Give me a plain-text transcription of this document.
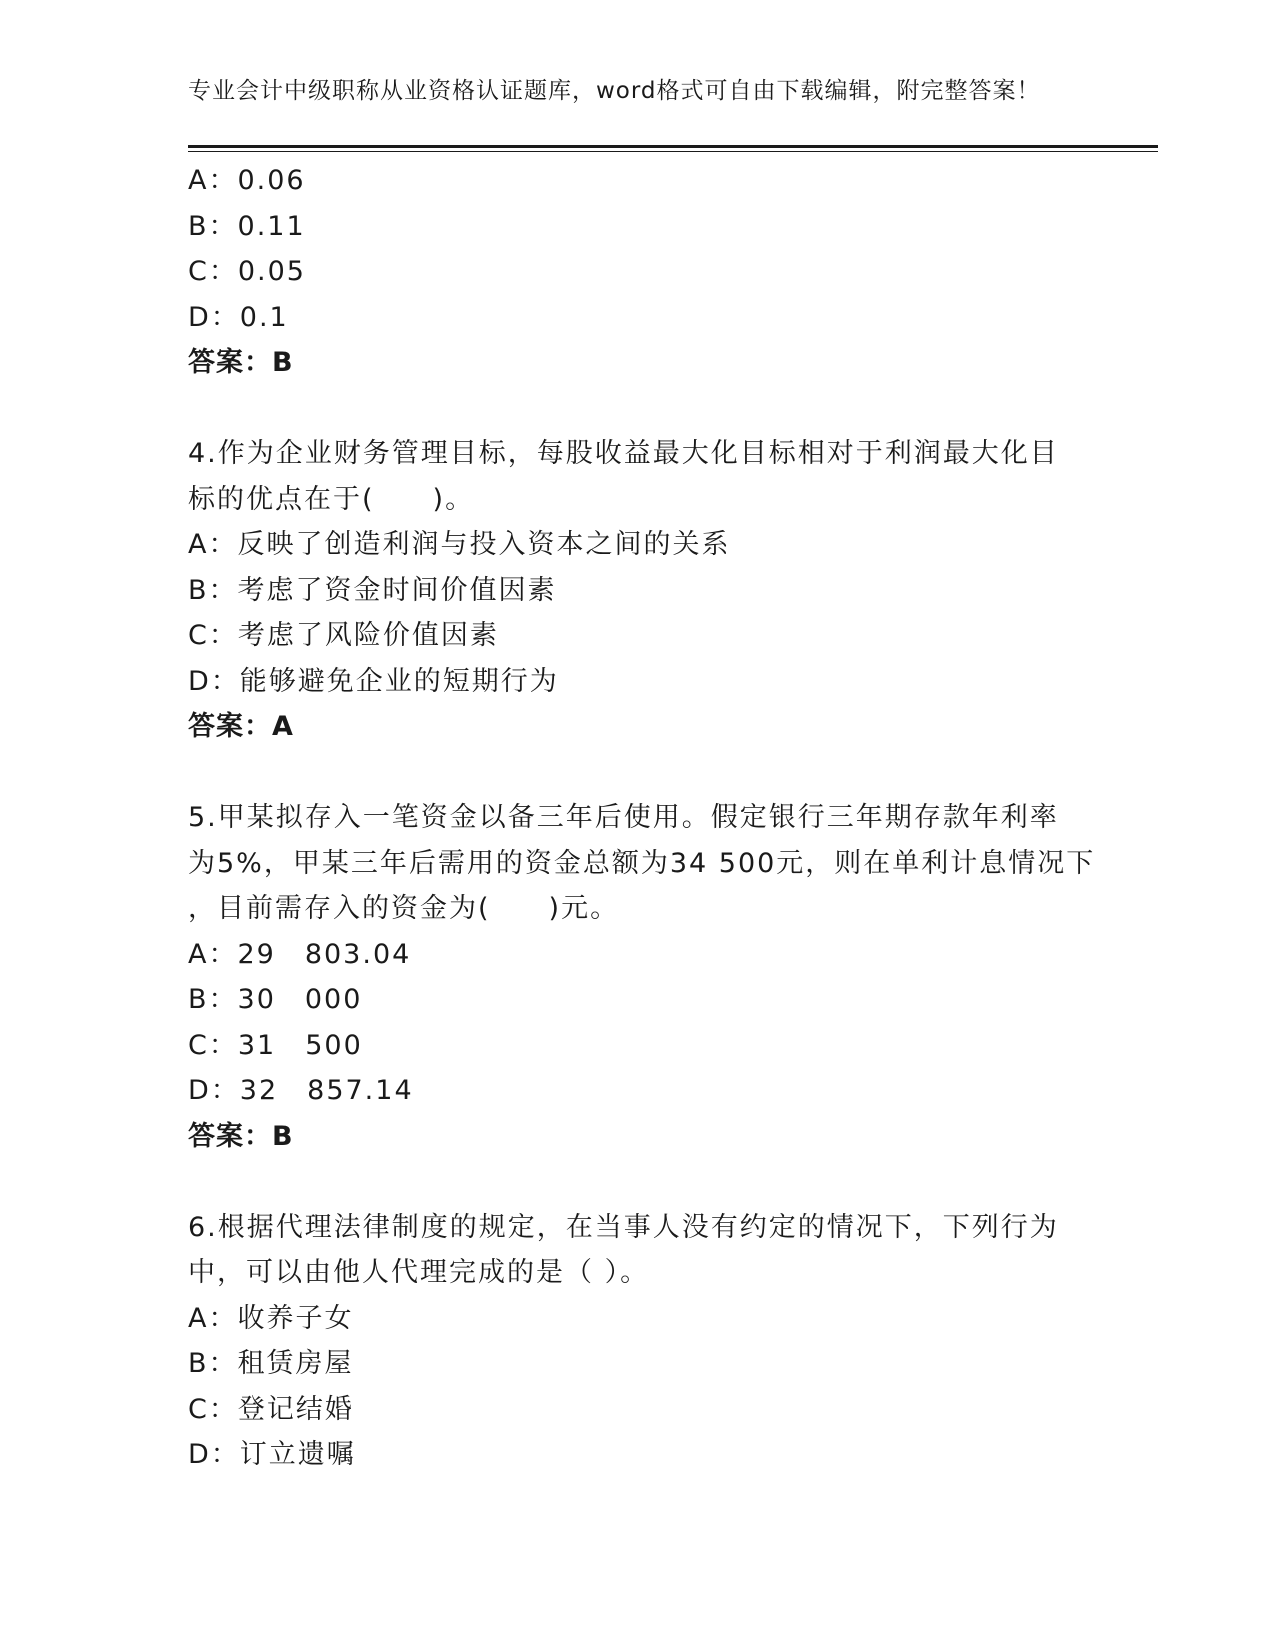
专业会计中级职称从业资格认证题库，word格式可自由下载编辑，附完整答案！
A：0.06
B：0.11
C：0.05
D：0.1
答案：B
4.作为企业财务管理目标，每股收益最大化目标相对于利润最大化目
标的优点在于(　　)。
A：反映了创造利润与投入资本之间的关系
B：考虑了资金时间价值因素
C：考虑了风险价值因素
D：能够避免企业的短期行为
答案：A
5.甲某拟存入一笔资金以备三年后使用。假定银行三年期存款年利率
为5%，甲某三年后需用的资金总额为34 500元，则在单利计息情况下
，目前需存入的资金为(　　)元。
A：29　803.04
B：30　000
C：31　500
D：32　857.14
答案：B
6.根据代理法律制度的规定，在当事人没有约定的情况下，下列行为
中，可以由他人代理完成的是（ ）。
A：收养子女
B：租赁房屋
C：登记结婚
D：订立遗嘱
